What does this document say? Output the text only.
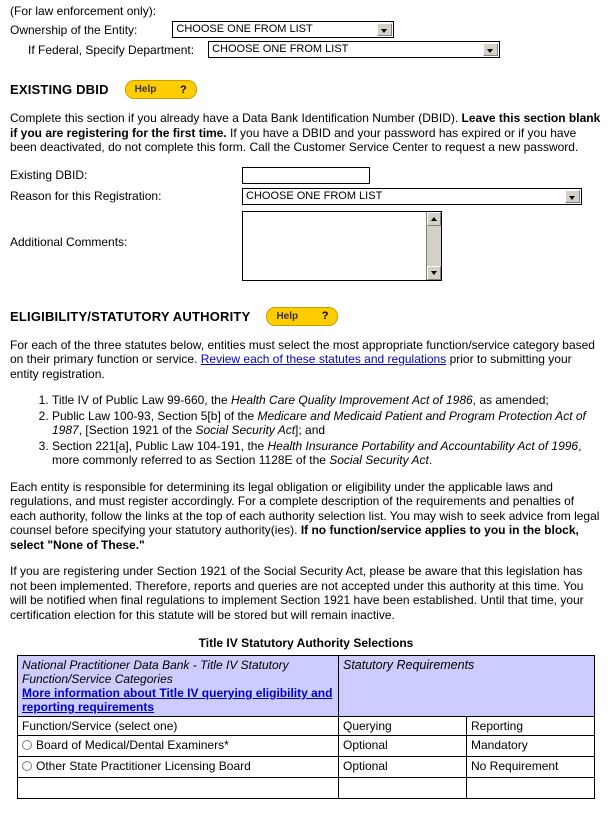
(For law enforcement only):
Ownership of the Entity:	CHOOSE ONE FROM LIST
If Federal, Specify Department:	CHOOSE ONE FROM LIST
EXISTING DBID	Help ?

Complete this section if you already have a Data Bank Identification Number (DBID). Leave this section blank if you are registering for the first time. If you have a DBID and your password has expired or if you have been deactivated, do not complete this form. Call the Customer Service Center to request a new password.

Existing DBID:
Reason for this Registration:	CHOOSE ONE FROM LIST
Additional Comments:
ELIGIBILITY/STATUTORY AUTHORITY	Help ?

For each of the three statutes below, entities must select the most appropriate function/service category based on their primary function or service. Review each of these statutes and regulations prior to submitting your entity registration.

1. Title IV of Public Law 99-660, the Health Care Quality Improvement Act of 1986, as amended;
2. Public Law 100-93, Section 5[b] of the Medicare and Medicaid Patient and Program Protection Act of 1987, [Section 1921 of the Social Security Act]; and
3. Section 221[a], Public Law 104-191, the Health Insurance Portability and Accountability Act of 1996, more commonly referred to as Section 1128E of the Social Security Act.

Each entity is responsible for determining its legal obligation or eligibility under the applicable laws and regulations, and must register accordingly. For a complete description of the requirements and penalties of each authority, follow the links at the top of each authority selection list. You may wish to seek advice from legal counsel before specifying your statutory authority(ies). If no function/service applies to you in the block, select "None of These."

If you are registering under Section 1921 of the Social Security Act, please be aware that this legislation has not been implemented. Therefore, reports and queries are not accepted under this authority at this time. You will be notified when final regulations to implement Section 1921 have been established. Until that time, your certification election for this statute will be stored but will remain inactive.

Title IV Statutory Authority Selections
National Practitioner Data Bank - Title IV Statutory Function/Service Categories
More information about Title IV querying eligibility and reporting requirements	Statutory Requirements	
Function/Service (select one)	Querying	Reporting
Board of Medical/Dental Examiners*	Optional	Mandatory
Other State Practitioner Licensing Board	Optional	No Requirement
